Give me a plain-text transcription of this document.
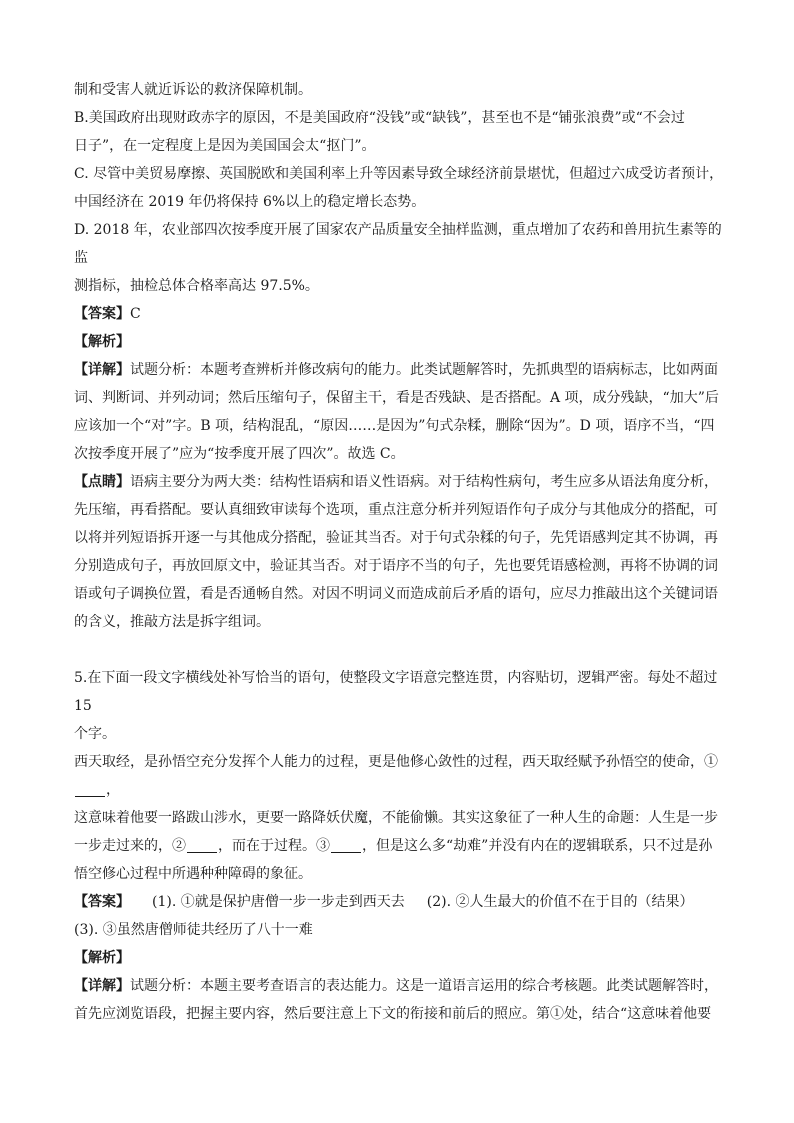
制和受害人就近诉讼的救济保障机制。

B.美国政府出现财政赤字的原因，不是美国政府“没钱”或“缺钱”，甚至也不是“铺张浪费”或“不会过

日子”，在一定程度上是因为美国国会太“抠门”。

C. 尽管中美贸易摩擦、英国脱欧和美国利率上升等因素导致全球经济前景堪忧，但超过六成受访者预计，

中国经济在 2019 年仍将保持 6%以上的稳定增长态势。

D. 2018 年，农业部四次按季度开展了国家农产品质量安全抽样监测，重点增加了农药和兽用抗生素等的监

测指标，抽检总体合格率高达 97.5%。

【答案】C

【解析】

【详解】试题分析：本题考查辨析并修改病句的能力。此类试题解答时，先抓典型的语病标志，比如两面

词、判断词、并列动词；然后压缩句子，保留主干，看是否残缺、是否搭配。A 项，成分残缺，“加大”后

应该加一个“对”字。B 项，结构混乱，“原因……是因为”句式杂糅，删除“因为”。D 项，语序不当，“四

次按季度开展了”应为“按季度开展了四次”。故选 C。

【点睛】语病主要分为两大类：结构性语病和语义性语病。对于结构性病句，考生应多从语法角度分析，

先压缩，再看搭配。要认真细致审读每个选项，重点注意分析并列短语作句子成分与其他成分的搭配，可

以将并列短语拆开逐一与其他成分搭配，验证其当否。对于句式杂糅的句子，先凭语感判定其不协调，再

分别造成句子，再放回原文中，验证其当否。对于语序不当的句子，先也要凭语感检测，再将不协调的词

语或句子调换位置，看是否通畅自然。对因不明词义而造成前后矛盾的语句，应尽力推敲出这个关键词语

的含义，推敲方法是拆字组词。

5.在下面一段文字横线处补写恰当的语句，使整段文字语意完整连贯，内容贴切，逻辑严密。每处不超过 15

个字。

西天取经，是孙悟空充分发挥个人能力的过程，更是他修心敛性的过程，西天取经赋予孙悟空的使命，①，

这意味着他要一路跋山涉水，更要一路降妖伏魔，不能偷懒。其实这象征了一种人生的命题：人生是一步

一步走过来的，② ，而在于过程。③ ，但是这么多“劫难”并没有内在的逻辑联系，只不过是孙

悟空修心过程中所遇种种障碍的象征。

【答案】 (1). ①就是保护唐僧一步一步走到西天去 (2). ②人生最大的价值不在于目的（结果）

(3). ③虽然唐僧师徒共经历了八十一难

【解析】

【详解】试题分析：本题主要考查语言的表达能力。这是一道语言运用的综合考核题。此类试题解答时，

首先应浏览语段，把握主要内容，然后要注意上下文的衔接和前后的照应。第①处，结合“这意味着他要
